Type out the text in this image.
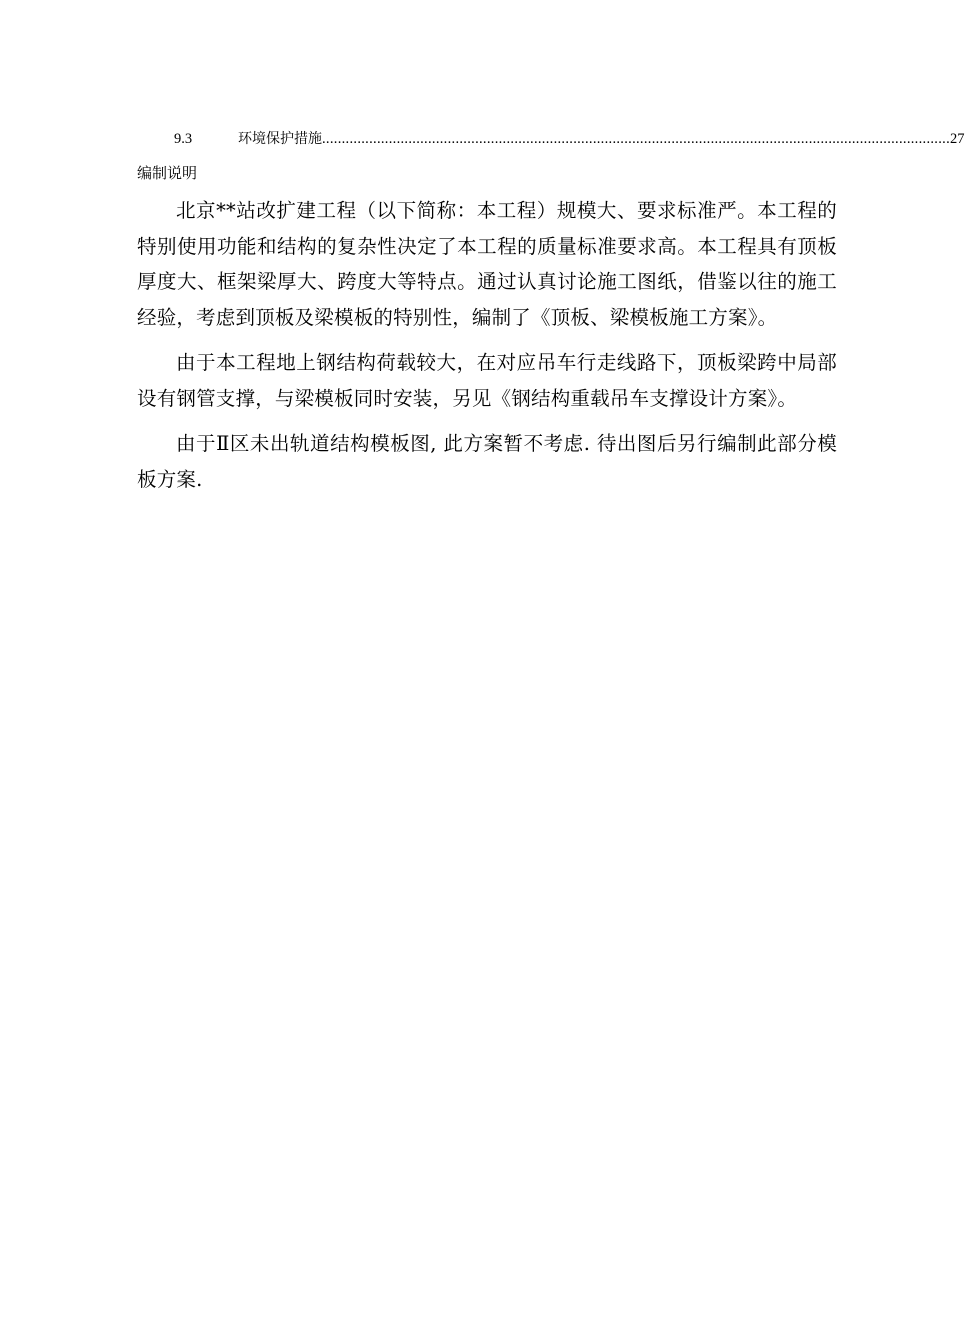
9.3	环境保护措施 ................................................................................................................................................................ 27
编制说明

北京**站改扩建工程（以下简称：本工程）规模大、要求标准严。本工程的特别使用功能和结构的复杂性决定了本工程的质量标准要求高。本工程具有顶板厚度大、框架梁厚大、跨度大等特点。通过认真讨论施工图纸，借鉴以往的施工经验，考虑到顶板及梁模板的特别性，编制了《顶板、梁模板施工方案》。

由于本工程地上钢结构荷载较大，在对应吊车行走线路下，顶板梁跨中局部设有钢管支撑，与梁模板同时安装，另见《钢结构重载吊车支撑设计方案》。

由于Ⅱ区未出轨道结构模板图, 此方案暂不考虑. 待出图后另行编制此部分模板方案.
